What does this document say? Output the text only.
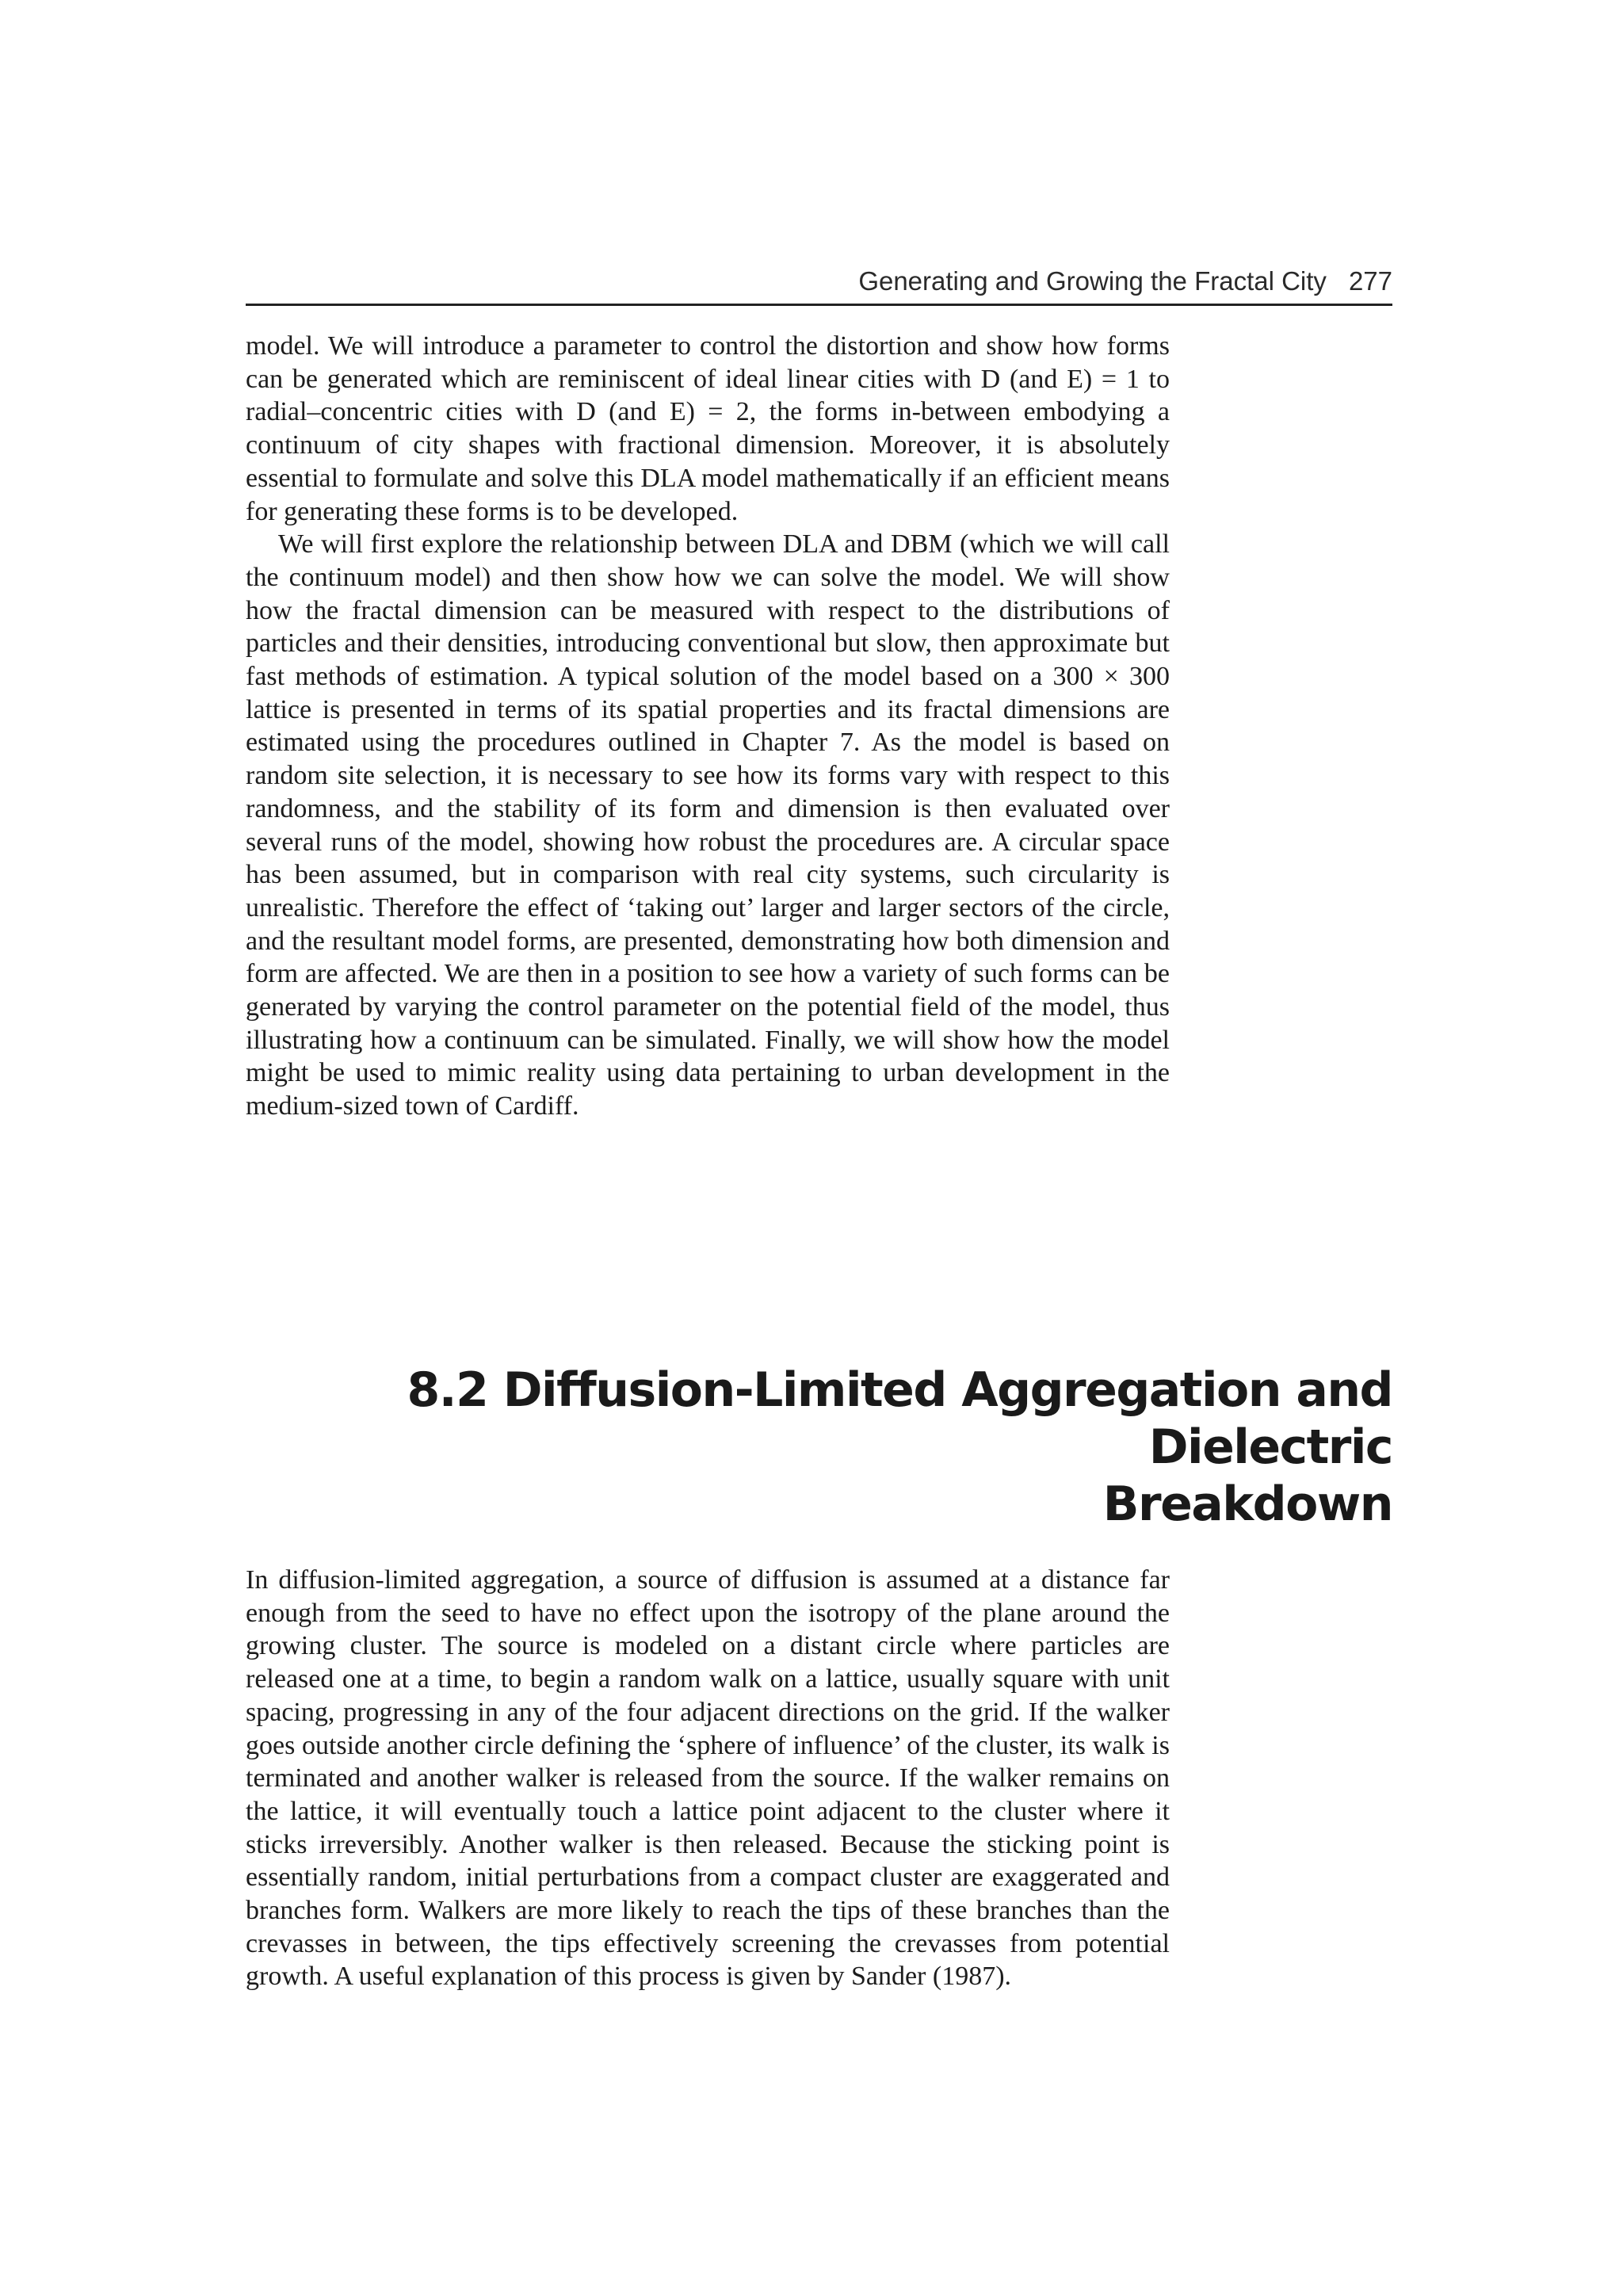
Generating and Growing the Fractal City 277

model. We will introduce a parameter to control the distortion and show how forms can be generated which are reminiscent of ideal linear cities with D (and E) = 1 to radial–concentric cities with D (and E) = 2, the forms in-between embodying a continuum of city shapes with fractional dimension. Moreover, it is absolutely essential to formulate and solve this DLA model mathematically if an efficient means for generating these forms is to be developed.

We will first explore the relationship between DLA and DBM (which we will call the continuum model) and then show how we can solve the model. We will show how the fractal dimension can be measured with respect to the distributions of particles and their densities, introducing conventional but slow, then approximate but fast methods of estimation. A typical solution of the model based on a 300 × 300 lattice is presented in terms of its spatial properties and its fractal dimensions are estimated using the procedures outlined in Chapter 7. As the model is based on random site selection, it is necessary to see how its forms vary with respect to this randomness, and the stability of its form and dimension is then evaluated over several runs of the model, showing how robust the procedures are. A circular space has been assumed, but in comparison with real city systems, such circularity is unrealistic. Therefore the effect of ‘taking out’ larger and larger sectors of the circle, and the resultant model forms, are presented, demonstrating how both dimension and form are affected. We are then in a position to see how a variety of such forms can be generated by varying the control parameter on the potential field of the model, thus illustrating how a continuum can be simulated. Finally, we will show how the model might be used to mimic reality using data pertaining to urban development in the medium-sized town of Cardiff.

8.2 Diffusion-Limited Aggregation and Dielectric
Breakdown

In diffusion-limited aggregation, a source of diffusion is assumed at a distance far enough from the seed to have no effect upon the isotropy of the plane around the growing cluster. The source is modeled on a distant circle where particles are released one at a time, to begin a random walk on a lattice, usually square with unit spacing, progressing in any of the four adjacent directions on the grid. If the walker goes outside another circle defining the ‘sphere of influence’ of the cluster, its walk is terminated and another walker is released from the source. If the walker remains on the lattice, it will eventually touch a lattice point adjacent to the cluster where it sticks irreversibly. Another walker is then released. Because the sticking point is essentially random, initial perturbations from a compact cluster are exaggerated and branches form. Walkers are more likely to reach the tips of these branches than the crevasses in between, the tips effectively screening the crevasses from potential growth. A useful explanation of this process is given by Sander (1987).
